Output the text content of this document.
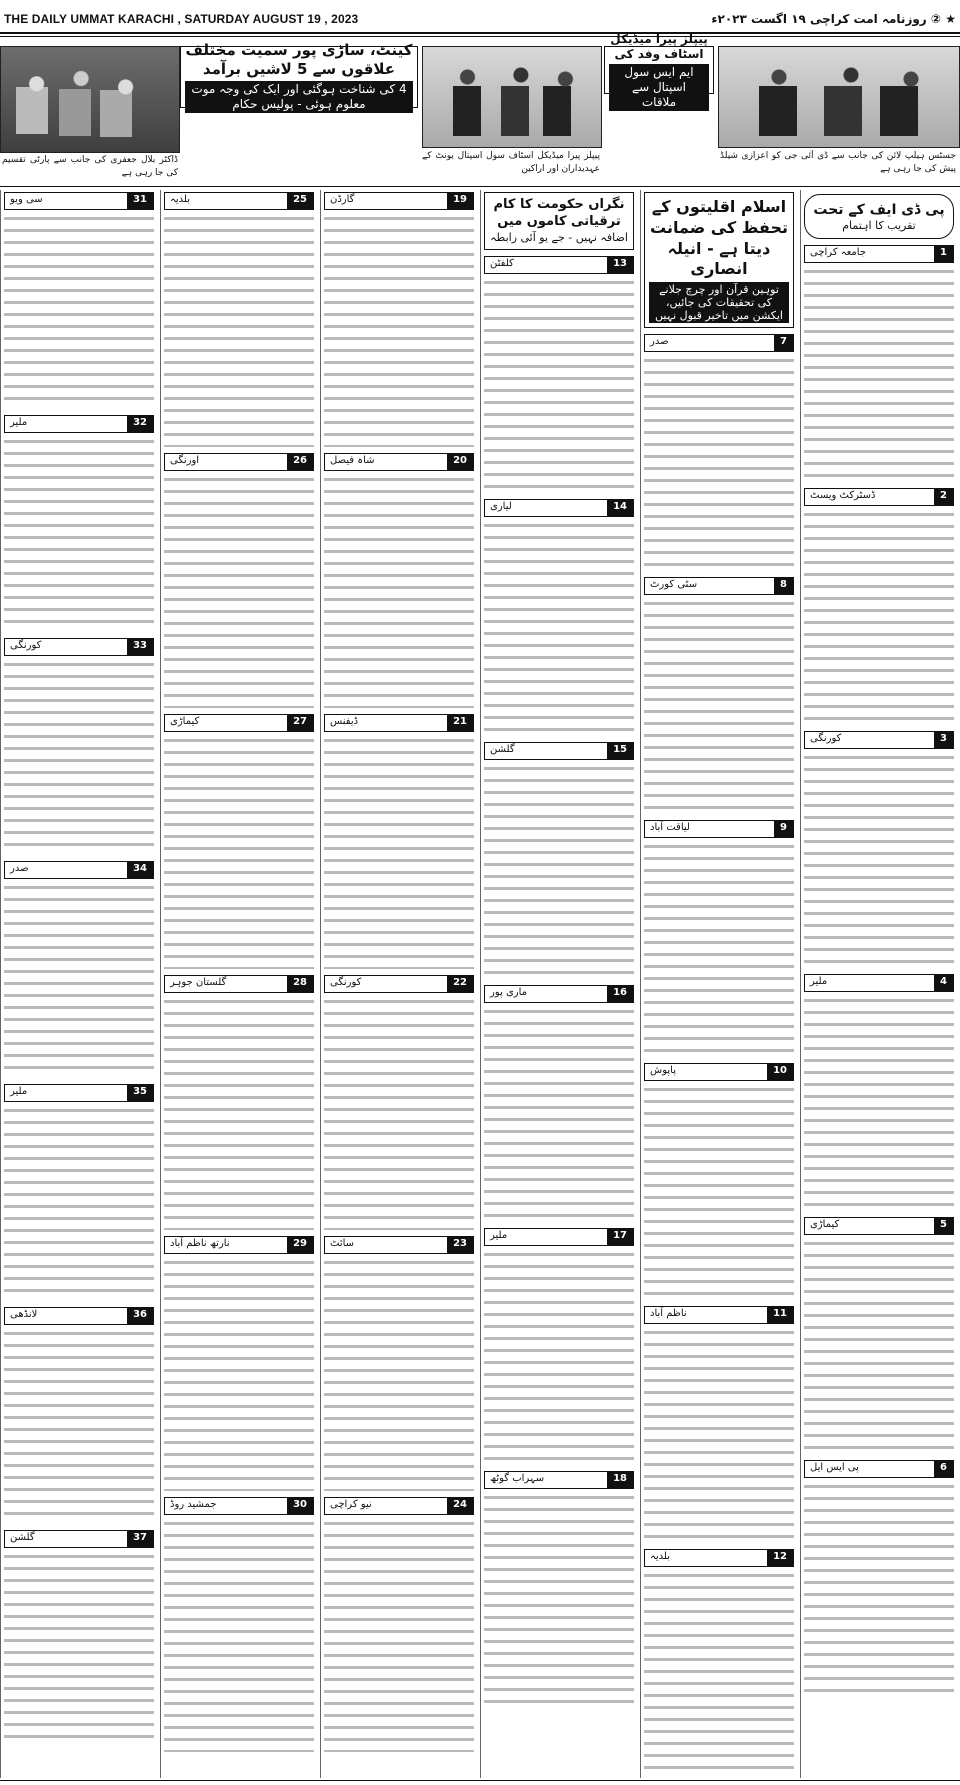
THE DAILY UMMAT KARACHI , SATURDAY AUGUST 19 , 2023	★ ② روزنامہ امت کراچی ۱۹ اگست ۲۰۲۳ء
کینٹ، ساڑی پور سمیت مختلف علاقوں سے 5 لاشیں برآمد
4 کی شناخت ہوگئی اور ایک کی وجہ موت معلوم ہوئی - پولیس حکام
پیپلز پیرا میڈیکل اسٹاف وفد کی
ایم ایس سول اسپتال سے ملاقات
ڈاکٹر بلال جعفری کی جانب سے پارٹی تقسیم کی جا رہی ہے
پیپلز پیرا میڈیکل اسٹاف سول اسپتال یونٹ کے عہدیداران اور اراکین
جسٹس ہیلپ لائن کی جانب سے ڈی آئی جی کو اعزازی شیلڈ پیش کی جا رہی ہے
پی ڈی ایف کے تحت
تقریب کا اہتمام
1
جامعہ کراچی
2
ڈسٹرکٹ ویسٹ
3
کورنگی
4
ملیر
5
کیماڑی
6
پی ایس ایل
اسلام اقلیتوں کے تحفظ کی ضمانت دیتا ہے - انیلہ انصاری
توہین قرآن اور چرچ جلانے کی تحقیقات کی جائیں، ایکشن میں تاخیر قبول نہیں
7
صدر
8
سٹی کورٹ
9
لیاقت آباد
10
پاپوش
11
ناظم آباد
12
بلدیہ
نگراں حکومت کا کام ترقیاتی کاموں میں
اضافہ نہیں - جے یو آئی رابطہ
13
کلفٹن
14
لیاری
15
گلشن
16
ماری پور
17
ملیر
18
سہراب گوٹھ
19
گارڈن
20
شاہ فیصل
21
ڈیفنس
22
کورنگی
23
سائٹ
24
نیو کراچی
25
بلدیہ
26
اورنگی
27
کیماڑی
28
گلستان جوہر
29
نارتھ ناظم آباد
30
جمشید روڈ
31
سی ویو
32
ملیر
33
کورنگی
34
صدر
35
ملیر
36
لانڈھی
37
گلشن
